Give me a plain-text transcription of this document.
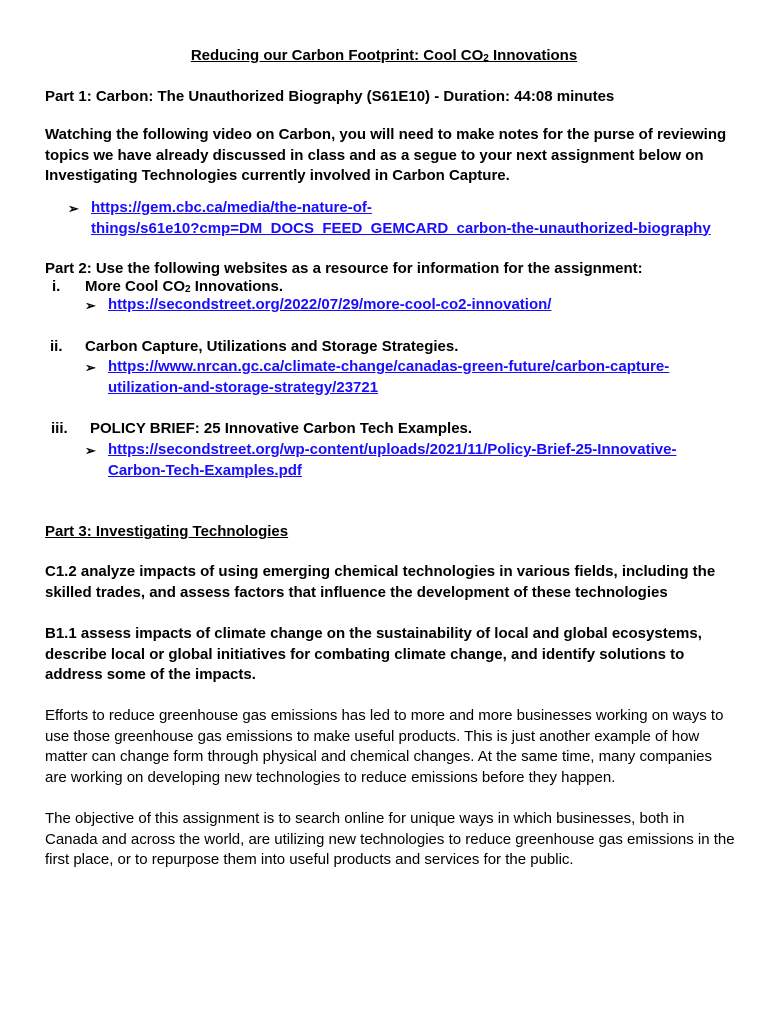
Reducing our Carbon Footprint: Cool $CO_2$ Innovations
Part 1: Carbon: The Unauthorized Biography (S61E10) - Duration: 44:08 minutes
Watching the following video on Carbon, you will need to make notes for the purse of reviewing topics we have already discussed in class and as a segue to your next assignment below on Investigating Technologies currently involved in Carbon Capture.
➢ https://gem.cbc.ca/media/the-nature-of-
things/s61e10?cmp=DM_DOCS_FEED_GEMCARD_carbon-the-unauthorized-biography
Part 2: Use the following websites as a resource for information for the assignment:
i. More Cool $CO_2$ Innovations.
➢ https://secondstreet.org/2022/07/29/more-cool-co2-innovation/
ii. Carbon Capture, Utilizations and Storage Strategies.
➢ https://www.nrcan.gc.ca/climate-change/canadas-green-future/carbon-capture-
utilization-and-storage-strategy/23721
iii. POLICY BRIEF: 25 Innovative Carbon Tech Examples.
➢ https://secondstreet.org/wp-content/uploads/2021/11/Policy-Brief-25-Innovative-
Carbon-Tech-Examples.pdf
Part 3: Investigating Technologies
C1.2 analyze impacts of using emerging chemical technologies in various fields, including the skilled trades, and assess factors that influence the development of these technologies
B1.1 assess impacts of climate change on the sustainability of local and global ecosystems, describe local or global initiatives for combating climate change, and identify solutions to address some of the impacts.
Efforts to reduce greenhouse gas emissions has led to more and more businesses working on ways to use those greenhouse gas emissions to make useful products. This is just another example of how matter can change form through physical and chemical changes. At the same time, many companies are working on developing new technologies to reduce emissions before they happen.
The objective of this assignment is to search online for unique ways in which businesses, both in Canada and across the world, are utilizing new technologies to reduce greenhouse gas emissions in the first place, or to repurpose them into useful products and services for the public.
